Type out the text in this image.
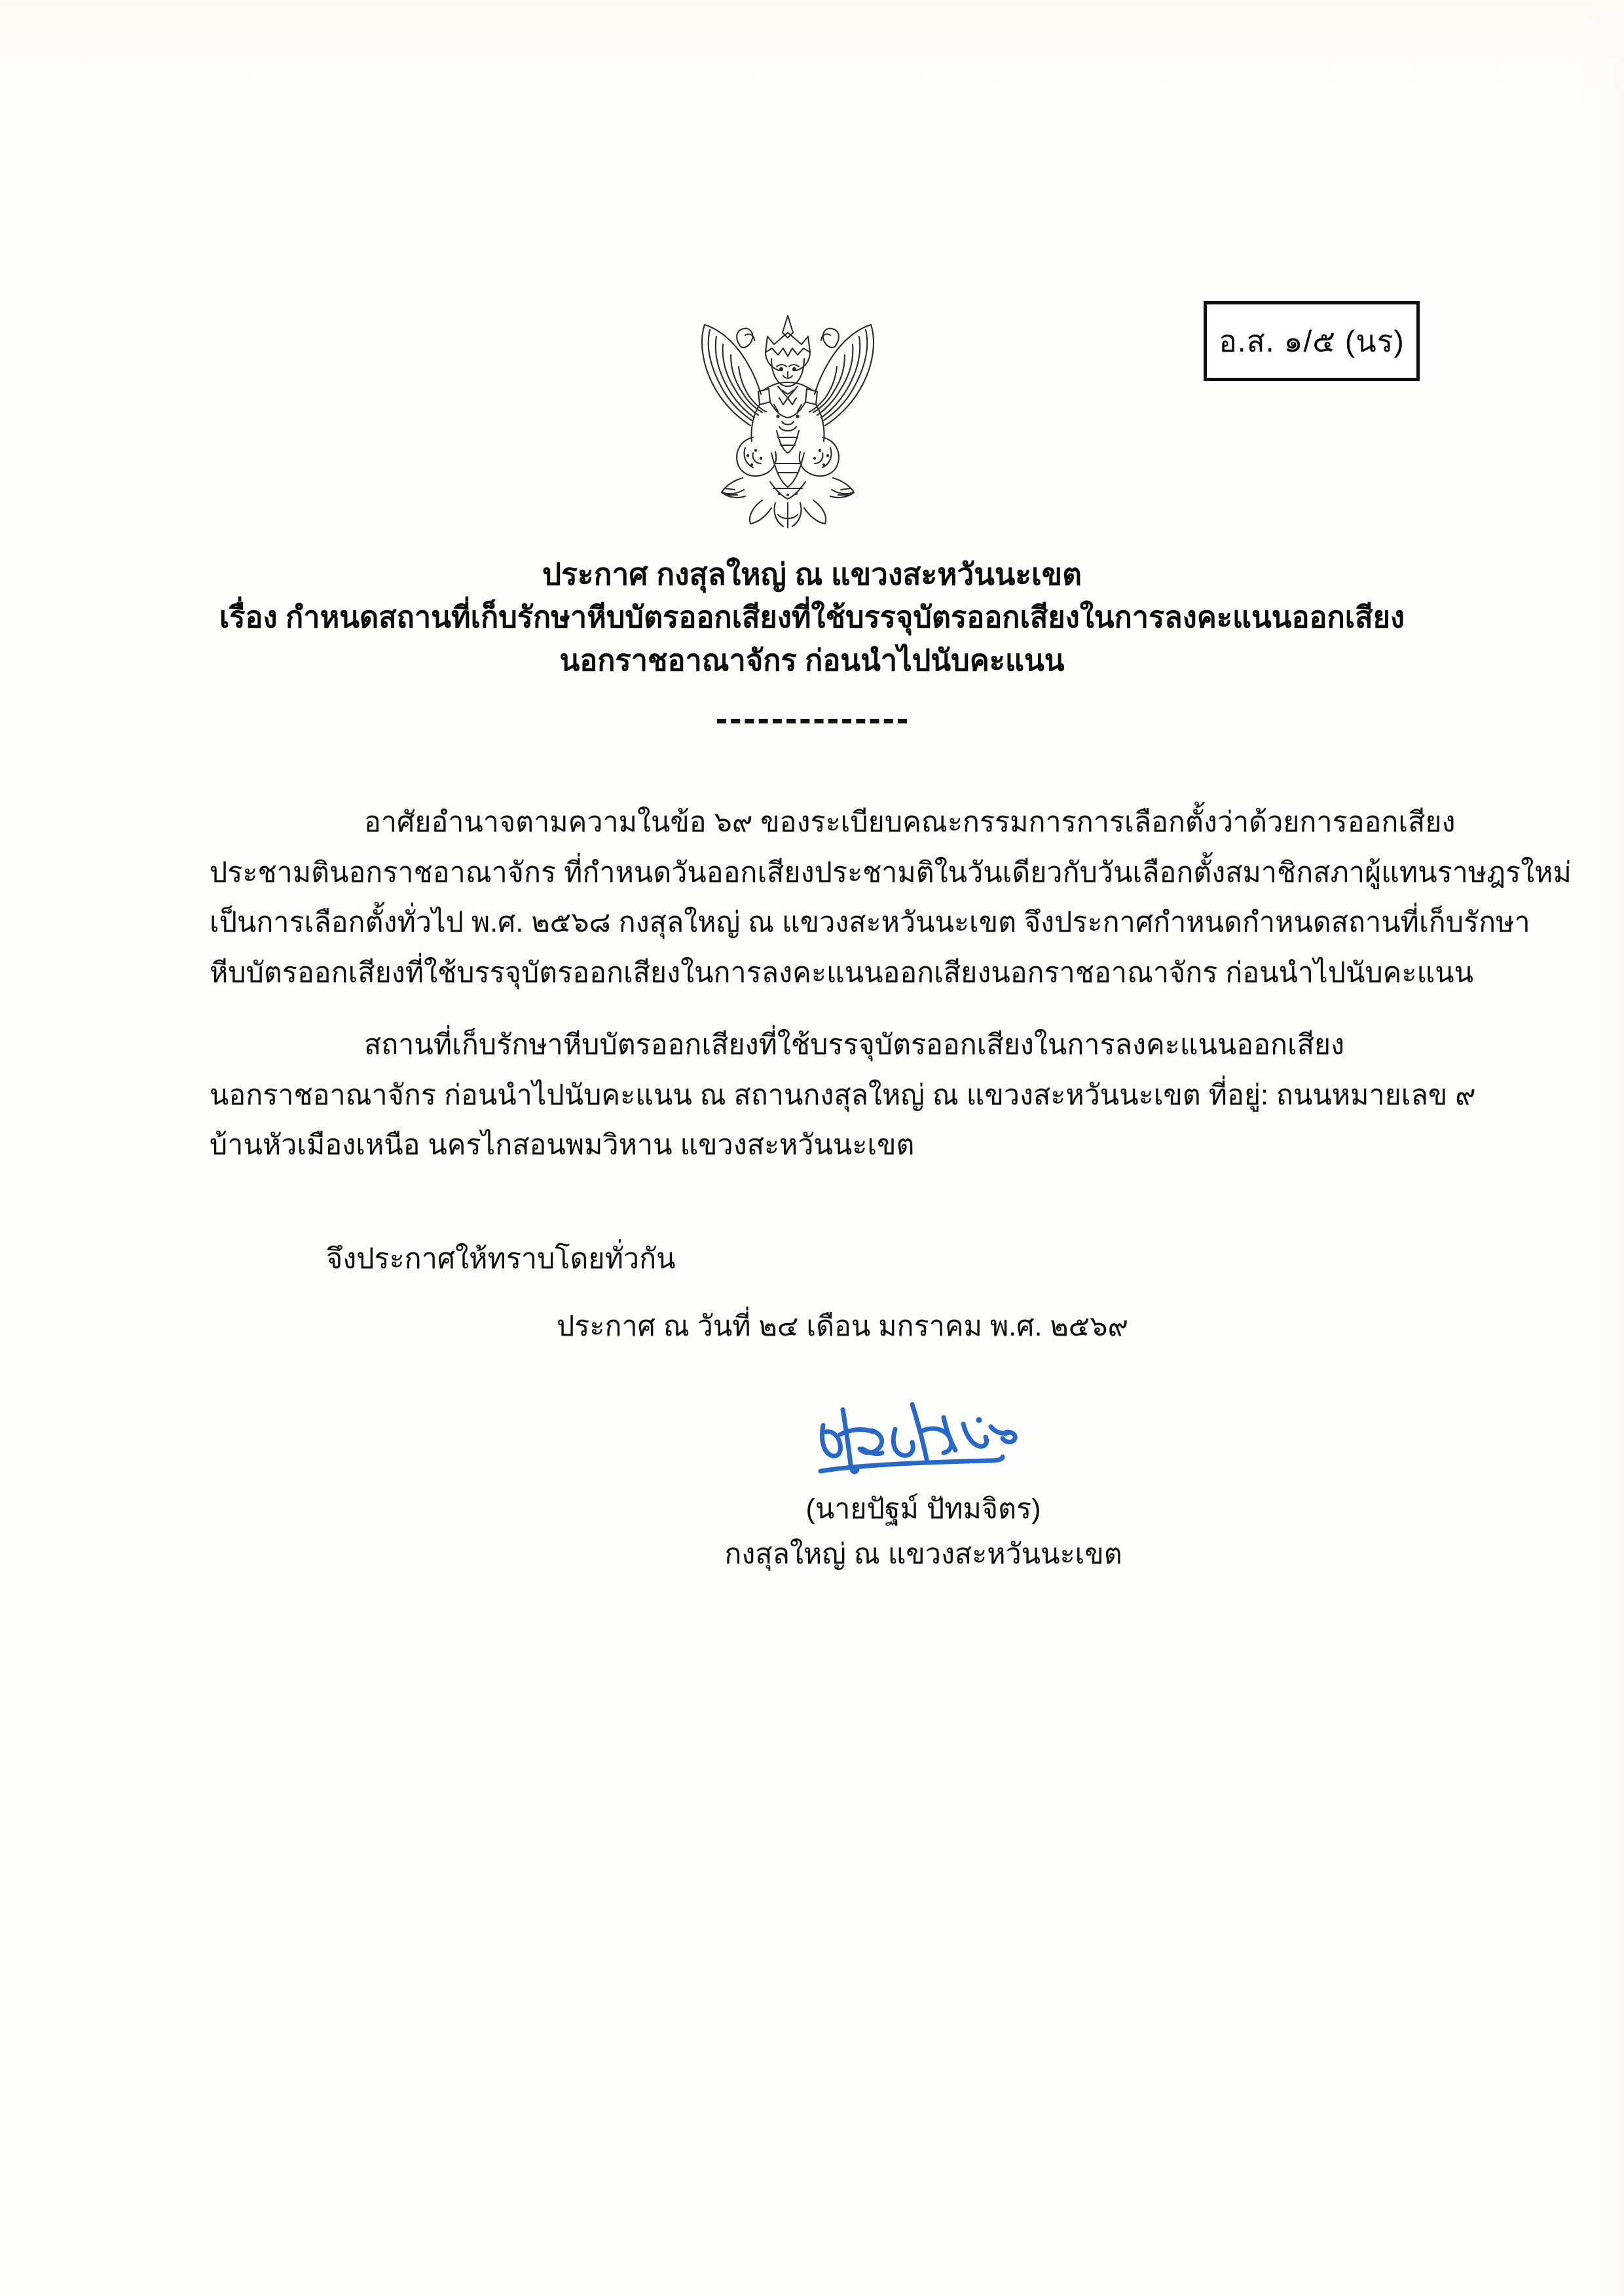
อ.ส. ๑/๕ (นร)
ประกาศ กงสุลใหญ่ ณ แขวงสะหวันนะเขต
เรื่อง กำหนดสถานที่เก็บรักษาหีบบัตรออกเสียงที่ใช้บรรจุบัตรออกเสียงในการลงคะแนนออกเสียง
นอกราชอาณาจักร ก่อนนำไปนับคะแนน

อาศัยอำนาจตามความในข้อ ๖๙ ของระเบียบคณะกรรมการการเลือกตั้งว่าด้วยการออกเสียง
ประชามตินอกราชอาณาจักร ที่กำหนดวันออกเสียงประชามติในวันเดียวกับวันเลือกตั้งสมาชิกสภาผู้แทนราษฎรใหม่
เป็นการเลือกตั้งทั่วไป พ.ศ. ๒๕๖๘ กงสุลใหญ่ ณ แขวงสะหวันนะเขต จึงประกาศกำหนดกำหนดสถานที่เก็บรักษา
หีบบัตรออกเสียงที่ใช้บรรจุบัตรออกเสียงในการลงคะแนนออกเสียงนอกราชอาณาจักร ก่อนนำไปนับคะแนน

สถานที่เก็บรักษาหีบบัตรออกเสียงที่ใช้บรรจุบัตรออกเสียงในการลงคะแนนออกเสียง
นอกราชอาณาจักร ก่อนนำไปนับคะแนน ณ สถานกงสุลใหญ่ ณ แขวงสะหวันนะเขต ที่อยู่: ถนนหมายเลข ๙
บ้านหัวเมืองเหนือ นครไกสอนพมวิหาน แขวงสะหวันนะเขต

จึงประกาศให้ทราบโดยทั่วกัน
ประกาศ ณ วันที่ ๒๔ เดือน มกราคม พ.ศ. ๒๕๖๙
(นายปัฐม์ ปัทมจิตร)
กงสุลใหญ่ ณ แขวงสะหวันนะเขต
